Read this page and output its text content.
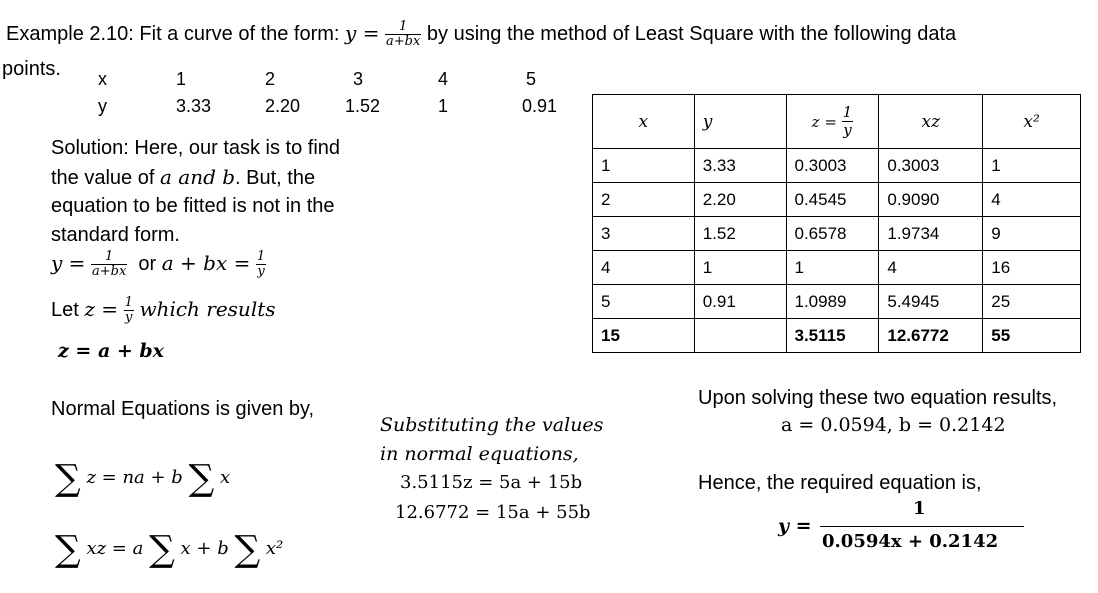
Example 2.10: Fit a curve of the form: $y = \frac{1}{a+bx}$ by using the method of Least Square with the following data
points. x	1	2	3	4	5
y	3.33	2.20 1.52	1	0.91
Solution: Here, our task is to find
the value of a and b. But, the
equation to be fitted is not in the
standard form.
$y = \frac{1}{a+bx}$ or a + bx = $\frac{1}{y}$
Let $z = \frac{1}{y}$ which results
z = a + bx
Normal Equations is given by,
∑ z = na + b ∑ x
∑ xz = a ∑ x + b ∑ x²
Substituting the values
in normal equations,
3.5115z = 5a + 15b
12.6772 = 15a + 55b
Upon solving these two equation results,
a = 0.0594, b = 0.2142
Hence, the required equation is,
y =
1
0.0594x + 0.2142
x	y	$z = \frac{1}{y}$	xz	x²
1	3.33	0.3003	0.3003	1
2	2.20	0.4545	0.9090	4
3	1.52	0.6578	1.9734	9
4	1	1	4	16
5	0.91	1.0989	5.4945	25
15		3.5115	12.6772	55
